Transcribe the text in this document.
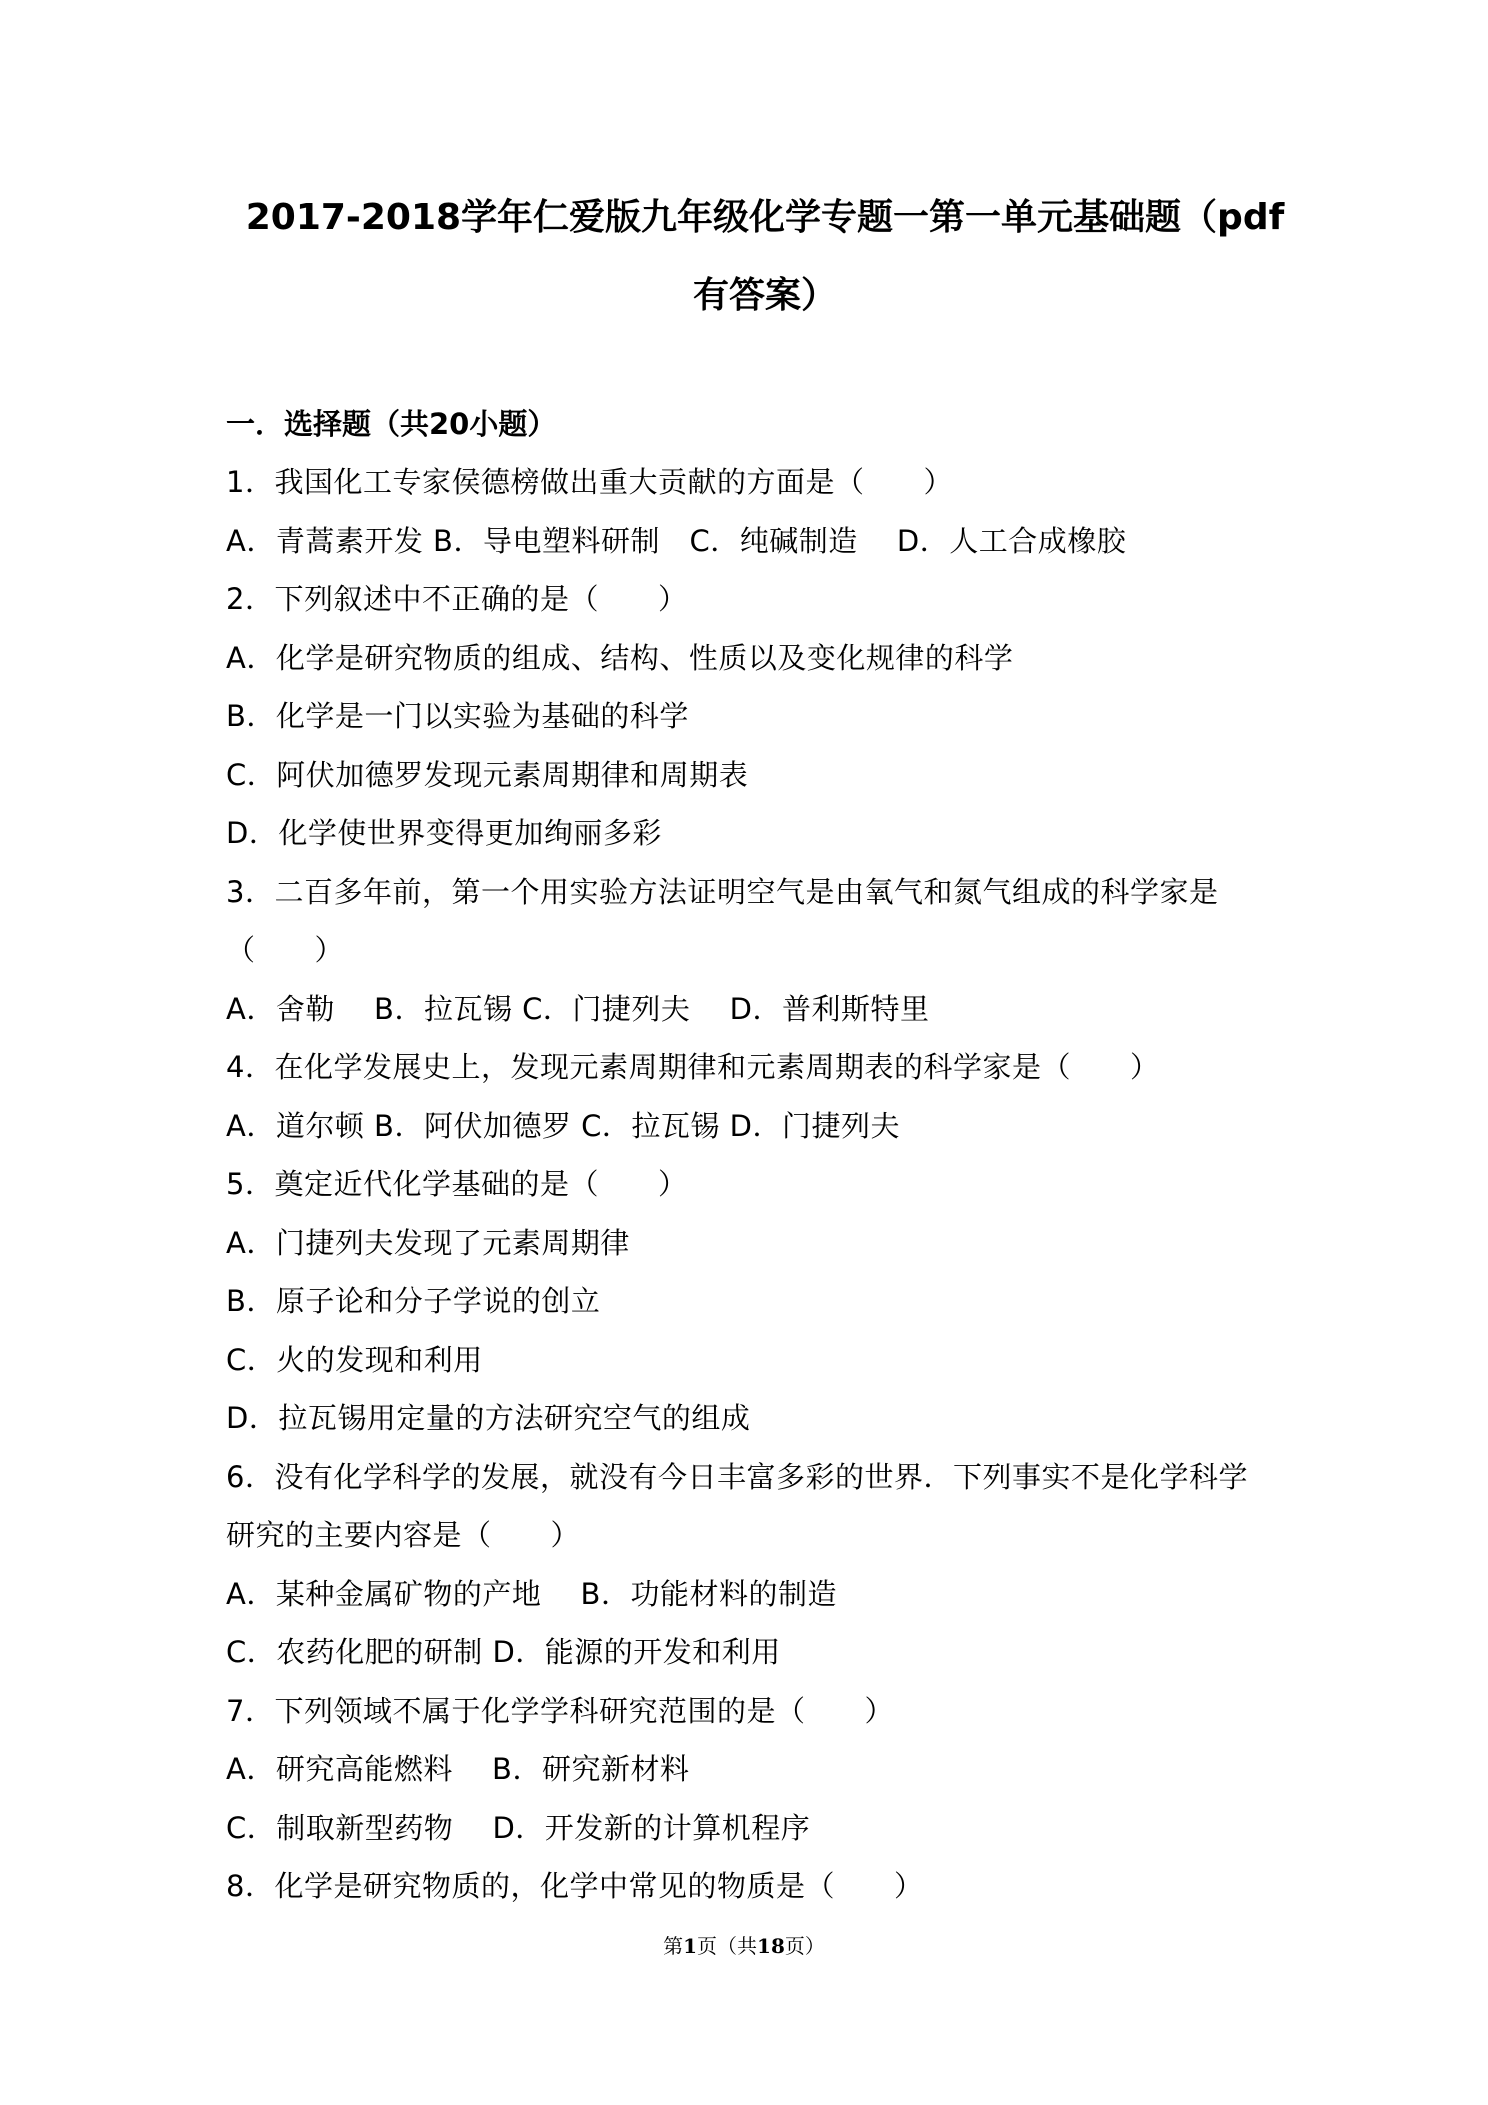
2017-2018学年仁爱版九年级化学专题一第一单元基础题（pdf
有答案）
一．选择题（共20小题）
1．我国化工专家侯德榜做出重大贡献的方面是（　　）
A．青蒿素开发 B．导电塑料研制　C．纯碱制造　 D．人工合成橡胶
2．下列叙述中不正确的是（　　）
A．化学是研究物质的组成、结构、性质以及变化规律的科学
B．化学是一门以实验为基础的科学
C．阿伏加德罗发现元素周期律和周期表
D．化学使世界变得更加绚丽多彩
3．二百多年前，第一个用实验方法证明空气是由氧气和氮气组成的科学家是
（　　）
A．舍勒　 B．拉瓦锡 C．门捷列夫　 D．普利斯特里
4．在化学发展史上，发现元素周期律和元素周期表的科学家是（　　）
A．道尔顿 B．阿伏加德罗 C．拉瓦锡 D．门捷列夫
5．奠定近代化学基础的是（　　）
A．门捷列夫发现了元素周期律
B．原子论和分子学说的创立
C．火的发现和利用
D．拉瓦锡用定量的方法研究空气的组成
6．没有化学科学的发展，就没有今日丰富多彩的世界．下列事实不是化学科学
研究的主要内容是（　　）
A．某种金属矿物的产地　 B．功能材料的制造
C．农药化肥的研制 D．能源的开发和利用
7．下列领域不属于化学学科研究范围的是（　　）
A．研究高能燃料　 B．研究新材料
C．制取新型药物　 D．开发新的计算机程序
8．化学是研究物质的，化学中常见的物质是（　　）
第1页（共18页）
